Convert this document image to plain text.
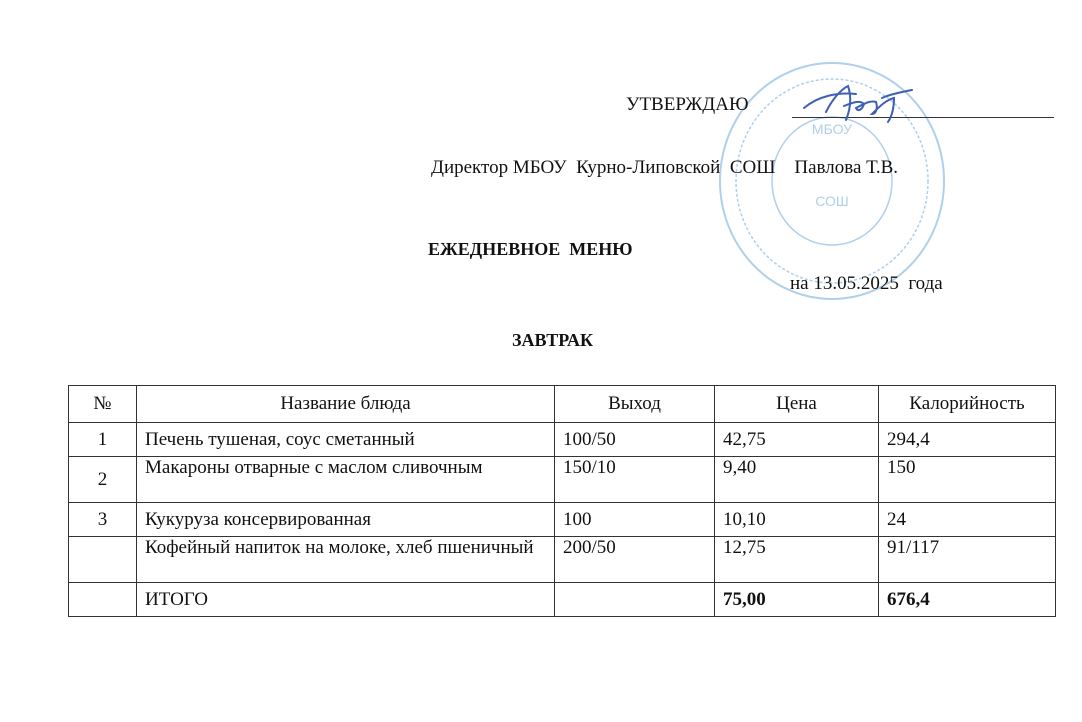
МБОУ
СОШ
УТВЕРЖДАЮ
Директор МБОУ  Курно-Липовской  СОШ    Павлова Т.В.
ЕЖЕДНЕВНОЕ  МЕНЮ
на 13.05.2025  года
ЗАВТРАК
№	Название блюда	Выход	Цена	Калорийность
1	Печень тушеная, соус сметанный	100/50	42,75	294,4
2	Макароны отварные с маслом сливочным	150/10	9,40	150
3	Кукуруза консервированная	100	10,10	24
	Кофейный напиток на молоке, хлеб пшеничный	200/50	12,75	91/117
	ИТОГО		75,00	676,4
